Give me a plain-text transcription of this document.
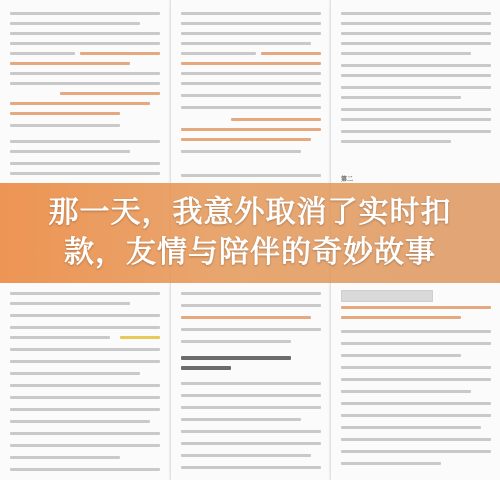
第二

那一天，我意外取消了实时扣

款，友情与陪伴的奇妙故事
